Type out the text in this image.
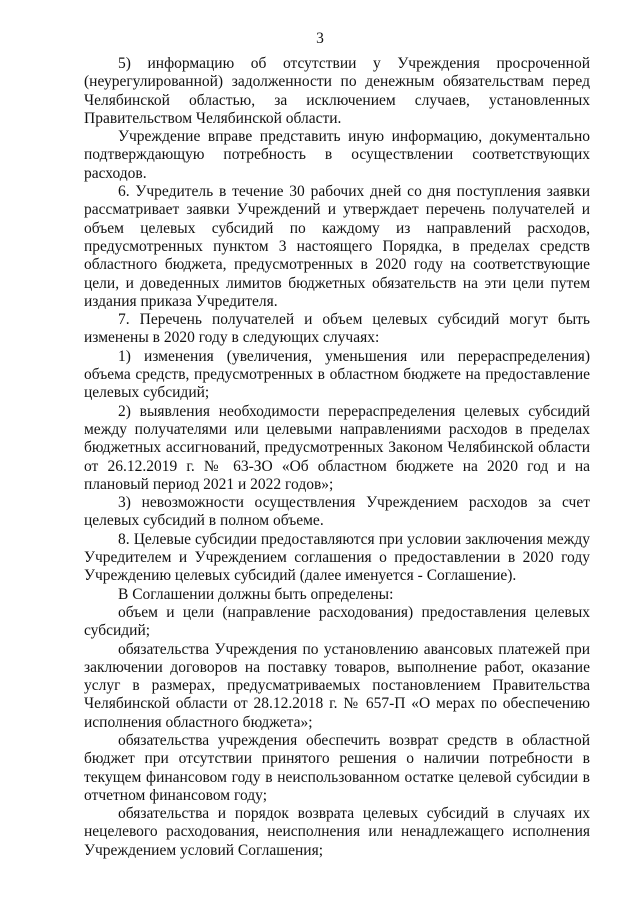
3

5) информацию об отсутствии у Учреждения просроченной (неурегулированной) задолженности по денежным обязательствам перед Челябинской областью, за исключением случаев, установленных Правительством Челябинской области.

Учреждение вправе представить иную информацию, документально подтверждающую потребность в осуществлении соответствующих расходов.

6. Учредитель в течение 30 рабочих дней со дня поступления заявки рассматривает заявки Учреждений и утверждает перечень получателей и объем целевых субсидий по каждому из направлений расходов, предусмотренных пунктом 3 настоящего Порядка, в пределах средств областного бюджета, предусмотренных в 2020 году на соответствующие цели, и доведенных лимитов бюджетных обязательств на эти цели путем издания приказа Учредителя.

7. Перечень получателей и объем целевых субсидий могут быть изменены в 2020 году в следующих случаях:

1) изменения (увеличения, уменьшения или перераспределения) объема средств, предусмотренных в областном бюджете на предоставление целевых субсидий;

2) выявления необходимости перераспределения целевых субсидий между получателями или целевыми направлениями расходов в пределах бюджетных ассигнований, предусмотренных Законом Челябинской области от 26.12.2019 г. № 63-ЗО «Об областном бюджете на 2020 год и на плановый период 2021 и 2022 годов»;

3) невозможности осуществления Учреждением расходов за счет целевых субсидий в полном объеме.

8. Целевые субсидии предоставляются при условии заключения между Учредителем и Учреждением соглашения о предоставлении в 2020 году Учреждению целевых субсидий (далее именуется - Соглашение).

В Соглашении должны быть определены:

объем и цели (направление расходования) предоставления целевых субсидий;

обязательства Учреждения по установлению авансовых платежей при заключении договоров на поставку товаров, выполнение работ, оказание услуг в размерах, предусматриваемых постановлением Правительства Челябинской области от 28.12.2018 г. № 657-П «О мерах по обеспечению исполнения областного бюджета»;

обязательства учреждения обеспечить возврат средств в областной бюджет при отсутствии принятого решения о наличии потребности в текущем финансовом году в неиспользованном остатке целевой субсидии в отчетном финансовом году;

обязательства и порядок возврата целевых субсидий в случаях их нецелевого расходования, неисполнения или ненадлежащего исполнения Учреждением условий Соглашения;
